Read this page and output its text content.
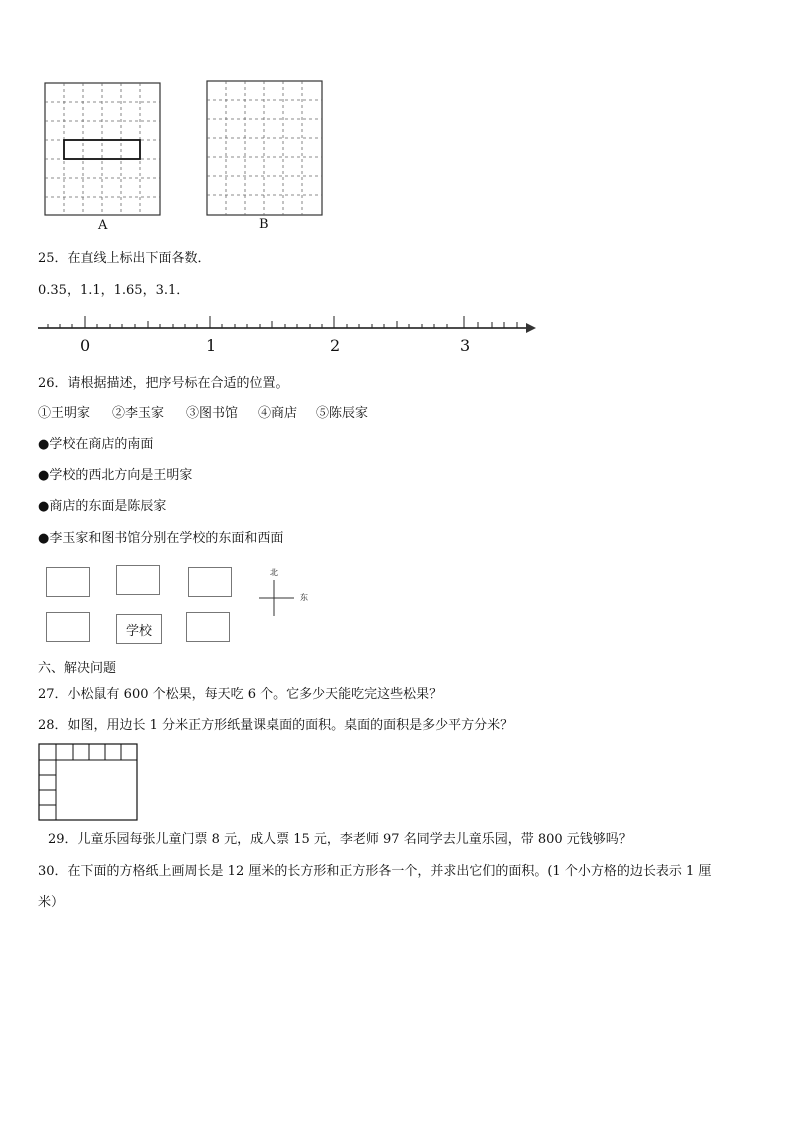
A	B
25．在直线上标出下面各数．
0.35，1.1，1.65，3.1．
0	1	2	3
26．请根据描述，把序号标在合适的位置。
①王明家 ②李玉家 ③图书馆 ④商店 ⑤陈辰家
●学校在商店的南面
●学校的西北方向是王明家
●商店的东面是陈辰家
●李玉家和图书馆分别在学校的东面和西面
学校
北
东
六、解决问题
27．小松鼠有 600 个松果，每天吃 6 个。它多少天能吃完这些松果？
28．如图，用边长 1 分米正方形纸量课桌面的面积。桌面的面积是多少平方分米？
29．儿童乐园每张儿童门票 8 元，成人票 15 元，李老师 97 名同学去儿童乐园，带 800 元钱够吗？
30．在下面的方格纸上画周长是 12 厘米的长方形和正方形各一个，并求出它们的面积。(1 个小方格的边长表示 1 厘
米）
